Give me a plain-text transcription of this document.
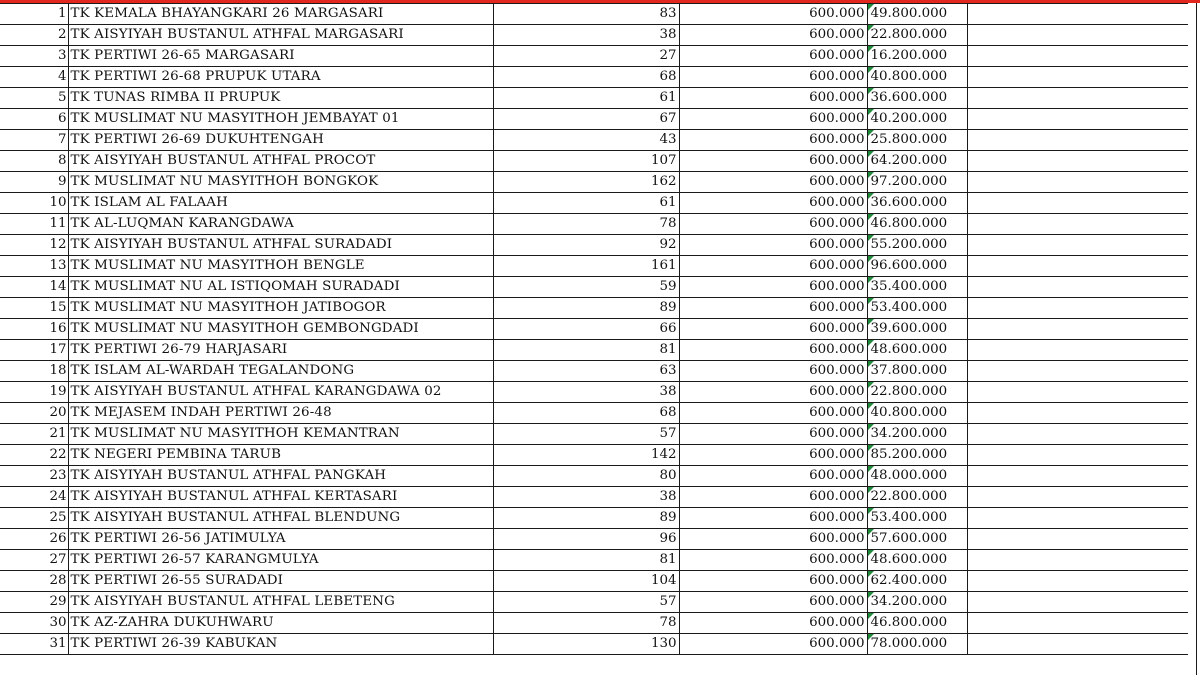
1	TK KEMALA BHAYANGKARI 26 MARGASARI	83	600.000	49.800.000	
2	TK AISYIYAH BUSTANUL ATHFAL MARGASARI	38	600.000	22.800.000	
3	TK PERTIWI 26-65 MARGASARI	27	600.000	16.200.000	
4	TK PERTIWI 26-68 PRUPUK UTARA	68	600.000	40.800.000	
5	TK TUNAS RIMBA II PRUPUK	61	600.000	36.600.000	
6	TK MUSLIMAT NU MASYITHOH JEMBAYAT 01	67	600.000	40.200.000	
7	TK PERTIWI 26-69 DUKUHTENGAH	43	600.000	25.800.000	
8	TK AISYIYAH BUSTANUL ATHFAL PROCOT	107	600.000	64.200.000	
9	TK MUSLIMAT NU MASYITHOH BONGKOK	162	600.000	97.200.000	
10	TK ISLAM AL FALAAH	61	600.000	36.600.000	
11	TK AL-LUQMAN KARANGDAWA	78	600.000	46.800.000	
12	TK AISYIYAH BUSTANUL ATHFAL SURADADI	92	600.000	55.200.000	
13	TK MUSLIMAT NU MASYITHOH BENGLE	161	600.000	96.600.000	
14	TK MUSLIMAT NU AL ISTIQOMAH SURADADI	59	600.000	35.400.000	
15	TK MUSLIMAT NU MASYITHOH JATIBOGOR	89	600.000	53.400.000	
16	TK MUSLIMAT NU MASYITHOH GEMBONGDADI	66	600.000	39.600.000	
17	TK PERTIWI 26-79 HARJASARI	81	600.000	48.600.000	
18	TK ISLAM AL-WARDAH TEGALANDONG	63	600.000	37.800.000	
19	TK AISYIYAH BUSTANUL ATHFAL KARANGDAWA 02	38	600.000	22.800.000	
20	TK MEJASEM INDAH PERTIWI 26-48	68	600.000	40.800.000	
21	TK MUSLIMAT NU MASYITHOH KEMANTRAN	57	600.000	34.200.000	
22	TK NEGERI PEMBINA TARUB	142	600.000	85.200.000	
23	TK AISYIYAH BUSTANUL ATHFAL PANGKAH	80	600.000	48.000.000	
24	TK AISYIYAH BUSTANUL ATHFAL KERTASARI	38	600.000	22.800.000	
25	TK AISYIYAH BUSTANUL ATHFAL BLENDUNG	89	600.000	53.400.000	
26	TK PERTIWI 26-56 JATIMULYA	96	600.000	57.600.000	
27	TK PERTIWI 26-57 KARANGMULYA	81	600.000	48.600.000	
28	TK PERTIWI 26-55 SURADADI	104	600.000	62.400.000	
29	TK AISYIYAH BUSTANUL ATHFAL LEBETENG	57	600.000	34.200.000	
30	TK AZ-ZAHRA DUKUHWARU	78	600.000	46.800.000	
31	TK PERTIWI 26-39 KABUKAN	130	600.000	78.000.000	
